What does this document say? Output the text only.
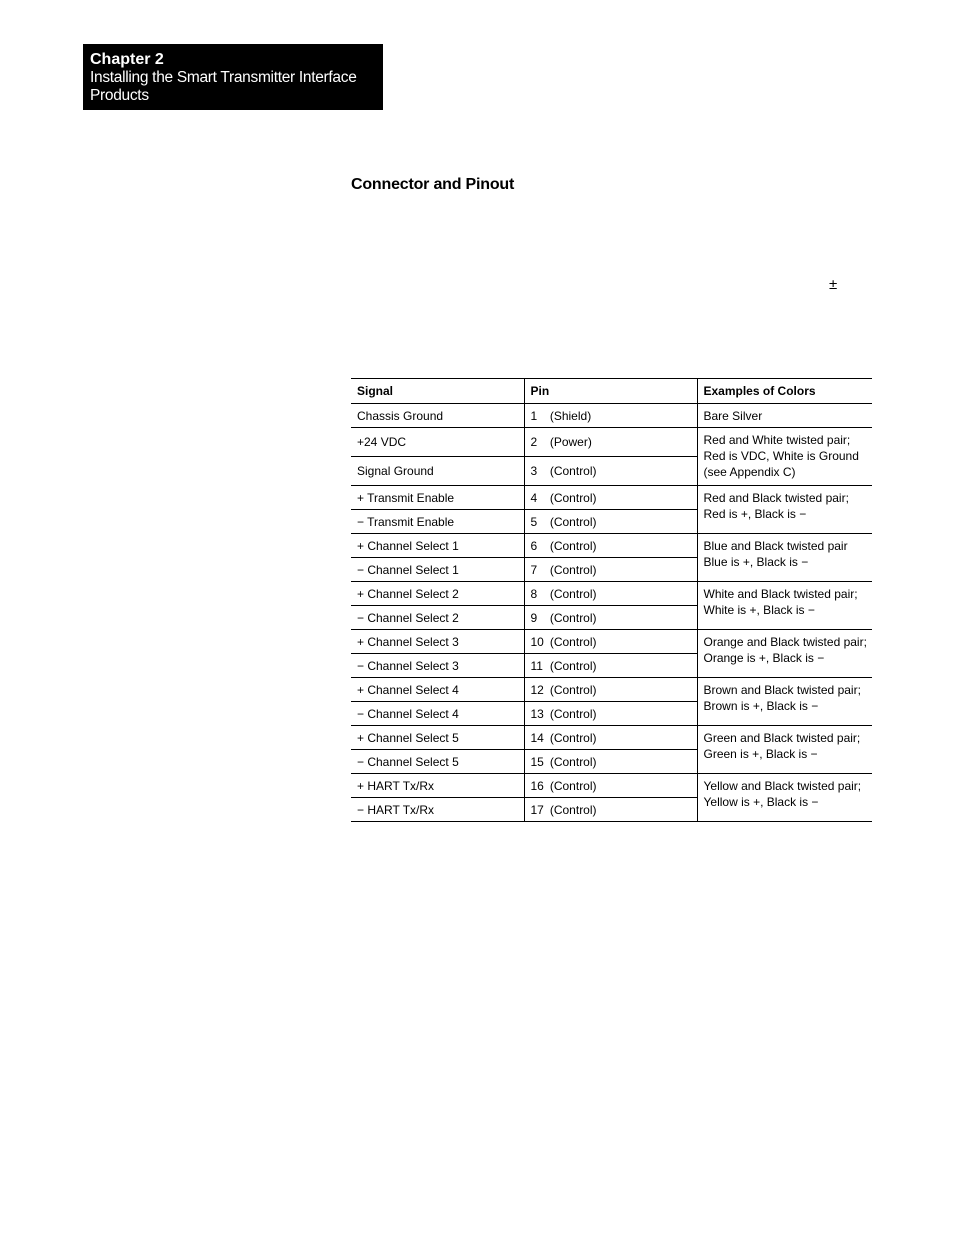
Chapter 2
Installing the Smart Transmitter Interface Products
Connector and Pinout
±
Signal	Pin	Examples of Colors
Chassis Ground	1 (Shield)	Bare Silver

+24 VDC	2 (Power)	Red and White twisted pair;
Red is VDC, White is Ground
(see Appendix C)

Signal Ground	3 (Control)	
+ Transmit Enable	4 (Control)	Red and Black twisted pair;
Red is +, Black is −

− Transmit Enable	5 (Control)	
+ Channel Select 1	6 (Control)	Blue and Black twisted pair
Blue is +, Black is −

− Channel Select 1	7 (Control)	
+ Channel Select 2	8 (Control)	White and Black twisted pair;
White is +, Black is −

− Channel Select 2	9 (Control)	
+ Channel Select 3	10 (Control)	Orange and Black twisted pair;
Orange is +, Black is −

− Channel Select 3	11 (Control)	
+ Channel Select 4	12 (Control)	Brown and Black twisted pair;
Brown is +, Black is −

− Channel Select 4	13 (Control)	
+ Channel Select 5	14 (Control)	Green and Black twisted pair;
Green is +, Black is −

− Channel Select 5	15 (Control)	
+ HART Tx/Rx	16 (Control)	Yellow and Black twisted pair;
Yellow is +, Black is −

− HART Tx/Rx	17 (Control)	
